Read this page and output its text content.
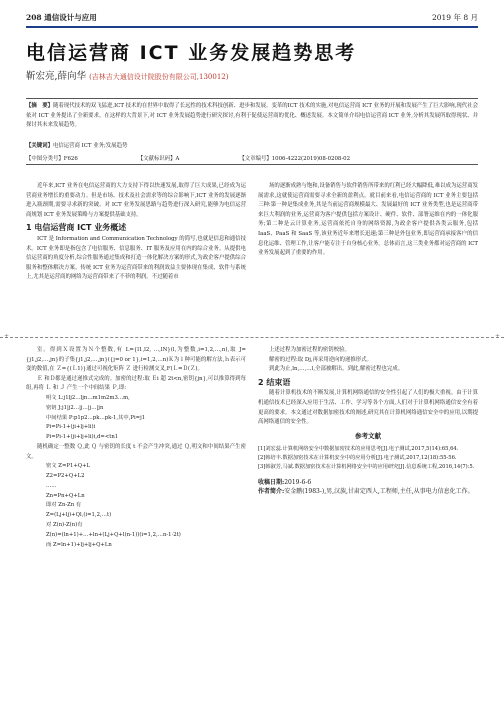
208 通信设计与应用	2019 年 8 月
电信运营商 ICT 业务发展趋势思考
靳宏亮,薛向华 (吉林吉大通信设计院股份有限公司,130012)
【摘　要】随着现代技术的双飞猛进,ICT 技术的在世界中取得了长远性的技术科技创新、进步和发展。变革的ICT 技术的实施,对电信运营商 ICT 业务的开展和发展产生了巨大影响,现代社会依对 ICT 业务提出了全新要求。在这样的大背景下,对 ICT 业务发展趋势进行研究探讨,有利于促使运营商的优化、概述发展。本文简单介绍电信运营商 ICT 业务,分析其发展所取得现状、并探讨其未来发展趋势。
【关键词】电信运营商 ICT 业务;发展趋势
【中图分类号】F626	【文献标识码】A	【文章编号】1006-4222(2019)08-0208-02

近年来,ICT 业务在电信运营商的大力支持下得以快速发展,取得了巨大成果,已经成为运营商业务增长的重要动力。但是市场、技术及社会需求等的综合影响下,ICT 业务的发展逐渐进入瓶颈期,需要寻求新的突破。对 ICT 业务发展思路与趋势进行深入研究,能够为电信运营商规划 ICT 业务发展策略与方案提供基础支持。

1 电信运营商 ICT 业务概述

ICT 是 Information and Communication Technology 的简写,也就是信息和通信技术。ICT 业务即是指包含了电信服务、信息服务、IT 服务及应用在内的综合业务。从提供电信运营商的角度分析,综合性服务通过集成和打造一体化解决方案的形式,为政企客户提供综合服务和整体解决方案。传统 ICT 业务为运营商带来的利润效益主要体现在集成、软件与系统上,尤其是运营商的网络为运营商带来了不菲的利润。不过随着市

场的逐渐成熟与饱和,设备销售与软件销售所带来的红利已经大幅降低,难以成为运营商发展需求,这就使运营商需要寻求全新的盈利点。就目前来看,电信运营商的 ICT 业务主要包括三种:第一种是集成业务,其是当前运营商规模最大、发展最好的 ICT 业务类型,也是运营商带来巨大利润的业务,运营商为客户提供包括方案设计、硬件、软件、部署运维在内的一体化服务;第二种是云计算业务,运营商依托自身的网络资源,为政企客户提供各类云服务,包括 IaaS、PaaS 和 SaaS 等,该业务近年来增长迅速;第三种是外包业务,即运营商承接客户的信息化运维、管理工作,让客户能专注于自身核心业务。总体而言,这三类业务都对运营商的 ICT 业务发展起到了重要的作用。

+	+

室。得到Ｘ设置为Ｎ个整数,有 L={l1,l2, …,lN}(l,为整数,i=1,2,…,n),取 J={j1,j2,…,jn}的子集{j1,j2,…,jn}({j=0 or 1},i=1,2,…n)Ｋ为ｌ种可能的解方法,ｈ表示可变的数值,在 Ｚ={(Ｌ1)}通过可视化矩阵 Ｚ 进行检测交叉,F(Ｌ=Ｄ(Ｚ)。

Ｅ 和Ｄ都是通过递推式完成的。加密的过程:取 Ｅi 超 2t<n,密钥{jn},可以推算得到每组,再将 Ｌ 和 Ｊ 产生一个中间结果 Ｐ,即:

明文 L:j1lj2…ljn…m1m2m3…m,
密钥 J:j1|j2…|j…|j…|jn
中间结果 P:p1p2…pk…pk-1,其中,Pi=j1
Pi=Pi-1+(ji+lj+li)i
Pi=Pi-1+(ji+lj+li)i,d=<tn1

随机确定一整数 Ｑ,此 Ｑ 与密钥的长度 t 不会产生冲突,通过 Ｑ,明文和中间结果产生密文。

密文 Z=P1+Q+L
Z2=P2+Q+L2
……
Zn=Pn+Q+Ln
即对 Zn-Zn 有
Z=(Lj+lj)+Ql,(i=1,2,…t)
对 Z(n)-Z(n)有
Z(n)=(ln+1)+…+ln+(Lj+Q+l(n-1))(i=1,2,…n-1·2t)
而 Z=ln+1)+lj+lj+Q+Ln

上述过程为加密过程的密钥校验。

解密的过程:取 Dj,再采用逆向的递推形式。

到此为止,ln,…,…l,全部被解出。到此,解密过程也完成。

2 结束语

随着计算机技术的不断发展,计算机网络通信的安全性引起了人们的极大重视。由于计算机通信技术已经深入应用于生活、工作、学习等各个方面,人们对于计算机网络通信安全有着更高的要求。本文通过对数据加密技术的阐述,研究其在计算机网络通信安全中的应用,以期提高网络通信的安全性。

参考文献
[1]刘宏蕊.计算机网络安全中数据加密技术的应用思考[J].电子测试,2017,5(14):65,64.
[2]韩培丰.数据加密技术在计算机安全中的应用分析[J].电子测试,2017,12(18):55-56.
[3]韩淑芳,马斌.数据加密技术在计算机网络安全中的应用研究[J].信息系统工程,2016,14(7):5.
收稿日期:2019-6-6
作者简介:安金鹏(1983-),男,汉族,甘肃定西人,工程师,主任,从事电力信息化工作。
